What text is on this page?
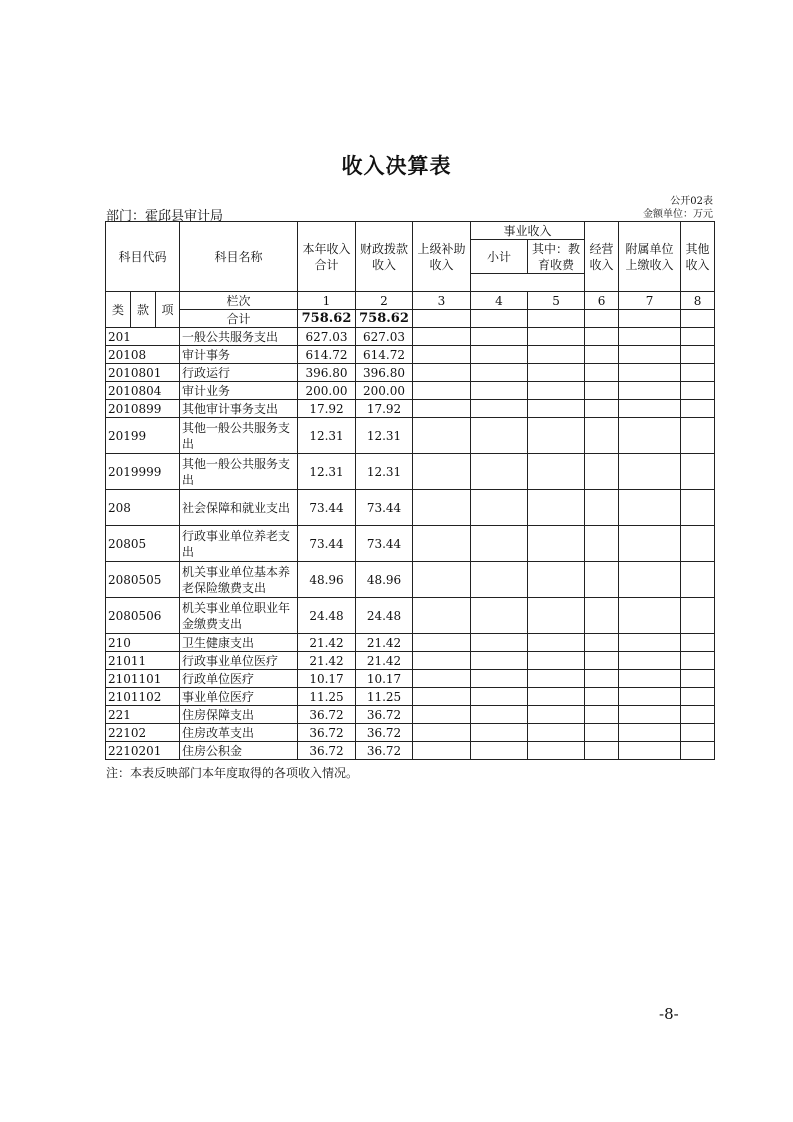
收入决算表
公开02表
金额单位：万元
部门：霍邱县审计局
科目代码			科目名称	本年收入合计	财政拨款收入	上级补助收入	事业收入		经营收入	附属单位上缴收入	其他收入
							小计	其中：教育收费			

类	款	项	栏次	1	2	3	4	5	6	7	8
			合计	758.62	758.62						
201			一般公共服务支出	627.03	627.03						
20108			审计事务	614.72	614.72						
2010801			行政运行	396.80	396.80						
2010804			审计业务	200.00	200.00						
2010899			其他审计事务支出	17.92	17.92						
20199			其他一般公共服务支出	12.31	12.31						
2019999			其他一般公共服务支出	12.31	12.31						
208			社会保障和就业支出	73.44	73.44						
20805			行政事业单位养老支出	73.44	73.44						
2080505			机关事业单位基本养老保险缴费支出	48.96	48.96						
2080506			机关事业单位职业年金缴费支出	24.48	24.48						
210			卫生健康支出	21.42	21.42						
21011			行政事业单位医疗	21.42	21.42						
2101101			行政单位医疗	10.17	10.17						
2101102			事业单位医疗	11.25	11.25						
221			住房保障支出	36.72	36.72						
22102			住房改革支出	36.72	36.72						
2210201			住房公积金	36.72	36.72						
注：本表反映部门本年度取得的各项收入情况。
-8-
